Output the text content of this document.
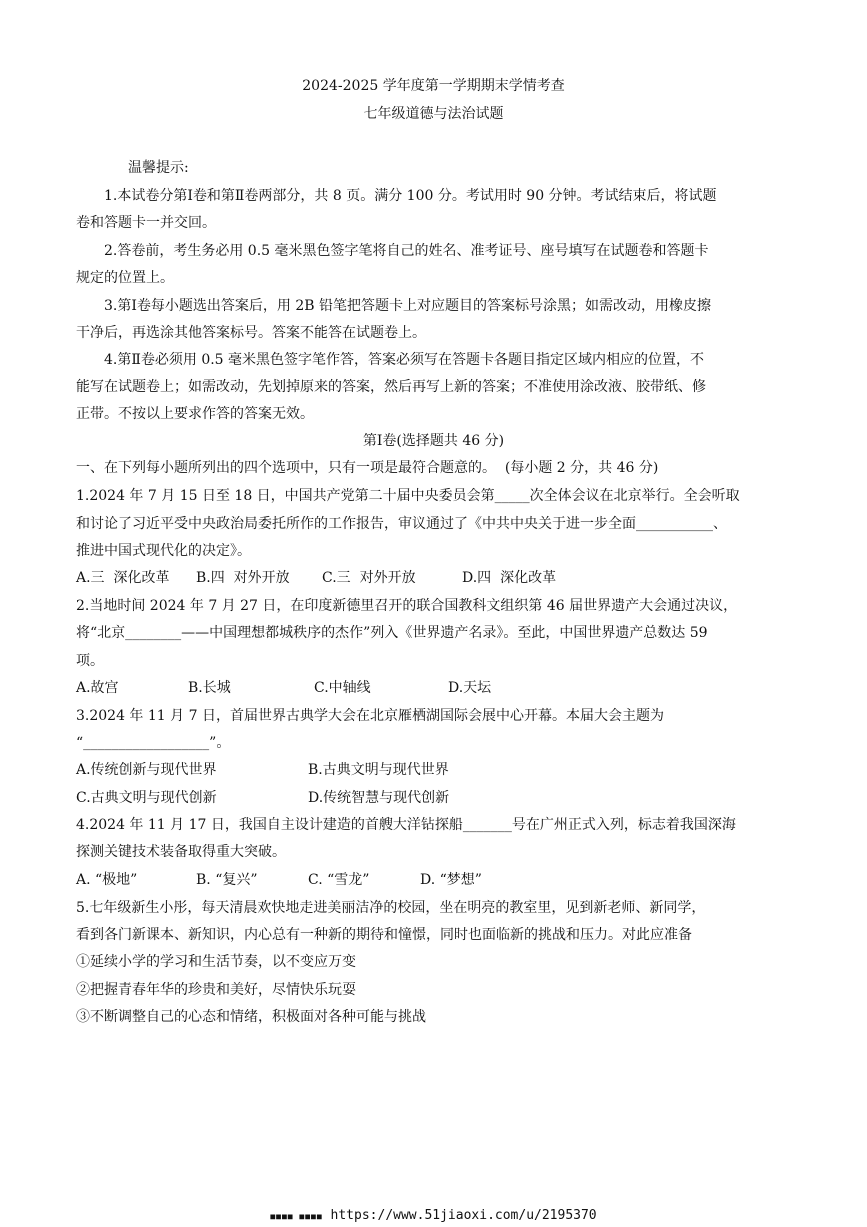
2024-2025 学年度第一学期期末学情考查
七年级道德与法治试题
温馨提示:
1.本试卷分第Ⅰ卷和第Ⅱ卷两部分，共 8 页。满分 100 分。考试用时 90 分钟。考试结束后，将试题
卷和答题卡一并交回。
2.答卷前，考生务必用 0.5 毫米黑色签字笔将自己的姓名、准考证号、座号填写在试题卷和答题卡
规定的位置上。
3.第Ⅰ卷每小题选出答案后，用 2B 铅笔把答题卡上对应题目的答案标号涂黑；如需改动，用橡皮擦
干净后，再选涂其他答案标号。答案不能答在试题卷上。
4.第Ⅱ卷必须用 0.5 毫米黑色签字笔作答，答案必须写在答题卡各题目指定区域内相应的位置，不
能写在试题卷上；如需改动，先划掉原来的答案，然后再写上新的答案；不准使用涂改液、胶带纸、修
正带。不按以上要求作答的答案无效。
第Ⅰ卷(选择题共 46 分)
一、在下列每小题所列出的四个选项中，只有一项是最符合题意的。  (每小题 2 分，共 46 分)
1.2024 年 7 月 15 日至 18 日，中国共产党第二十届中央委员会第_____次全体会议在北京举行。全会听取
和讨论了习近平受中央政治局委托所作的工作报告，审议通过了《中共中央关于进一步全面___________、
推进中国式现代化的决定》。
A.三  深化改革 B.四  对外开放 C.三  对外开放	D.四  深化改革
2.当地时间 2024 年 7 月 27 日，在印度新德里召开的联合国教科文组织第 46 届世界遗产大会通过决议，
将“北京________——中国理想都城秩序的杰作”列入《世界遗产名录》。至此，中国世界遗产总数达 59
项。
A.故宫	B.长城	C.中轴线	D.天坛
3.2024 年 11 月 7 日，首届世界古典学大会在北京雁栖湖国际会展中心开幕。本届大会主题为
“__________________”。
A.传统创新与现代世界	B.古典文明与现代世界
C.古典文明与现代创新	D.传统智慧与现代创新
4.2024 年 11 月 17 日，我国自主设计建造的首艘大洋钻探船_______号在广州正式入列，标志着我国深海
探测关键技术装备取得重大突破。
A. “极地”	B. “复兴”	C. “雪龙”	D. “梦想”
5.七年级新生小彤，每天清晨欢快地走进美丽洁净的校园，坐在明亮的教室里，见到新老师、新同学，
看到各门新课本、新知识，内心总有一种新的期待和憧憬，同时也面临新的挑战和压力。对此应准备
①延续小学的学习和生活节奏，以不变应万变
②把握青春年华的珍贵和美好，尽情快乐玩耍
③不断调整自己的心态和情绪，积极面对各种可能与挑战
■■■■ ■■■■ https://www.51jiaoxi.com/u/2195370
